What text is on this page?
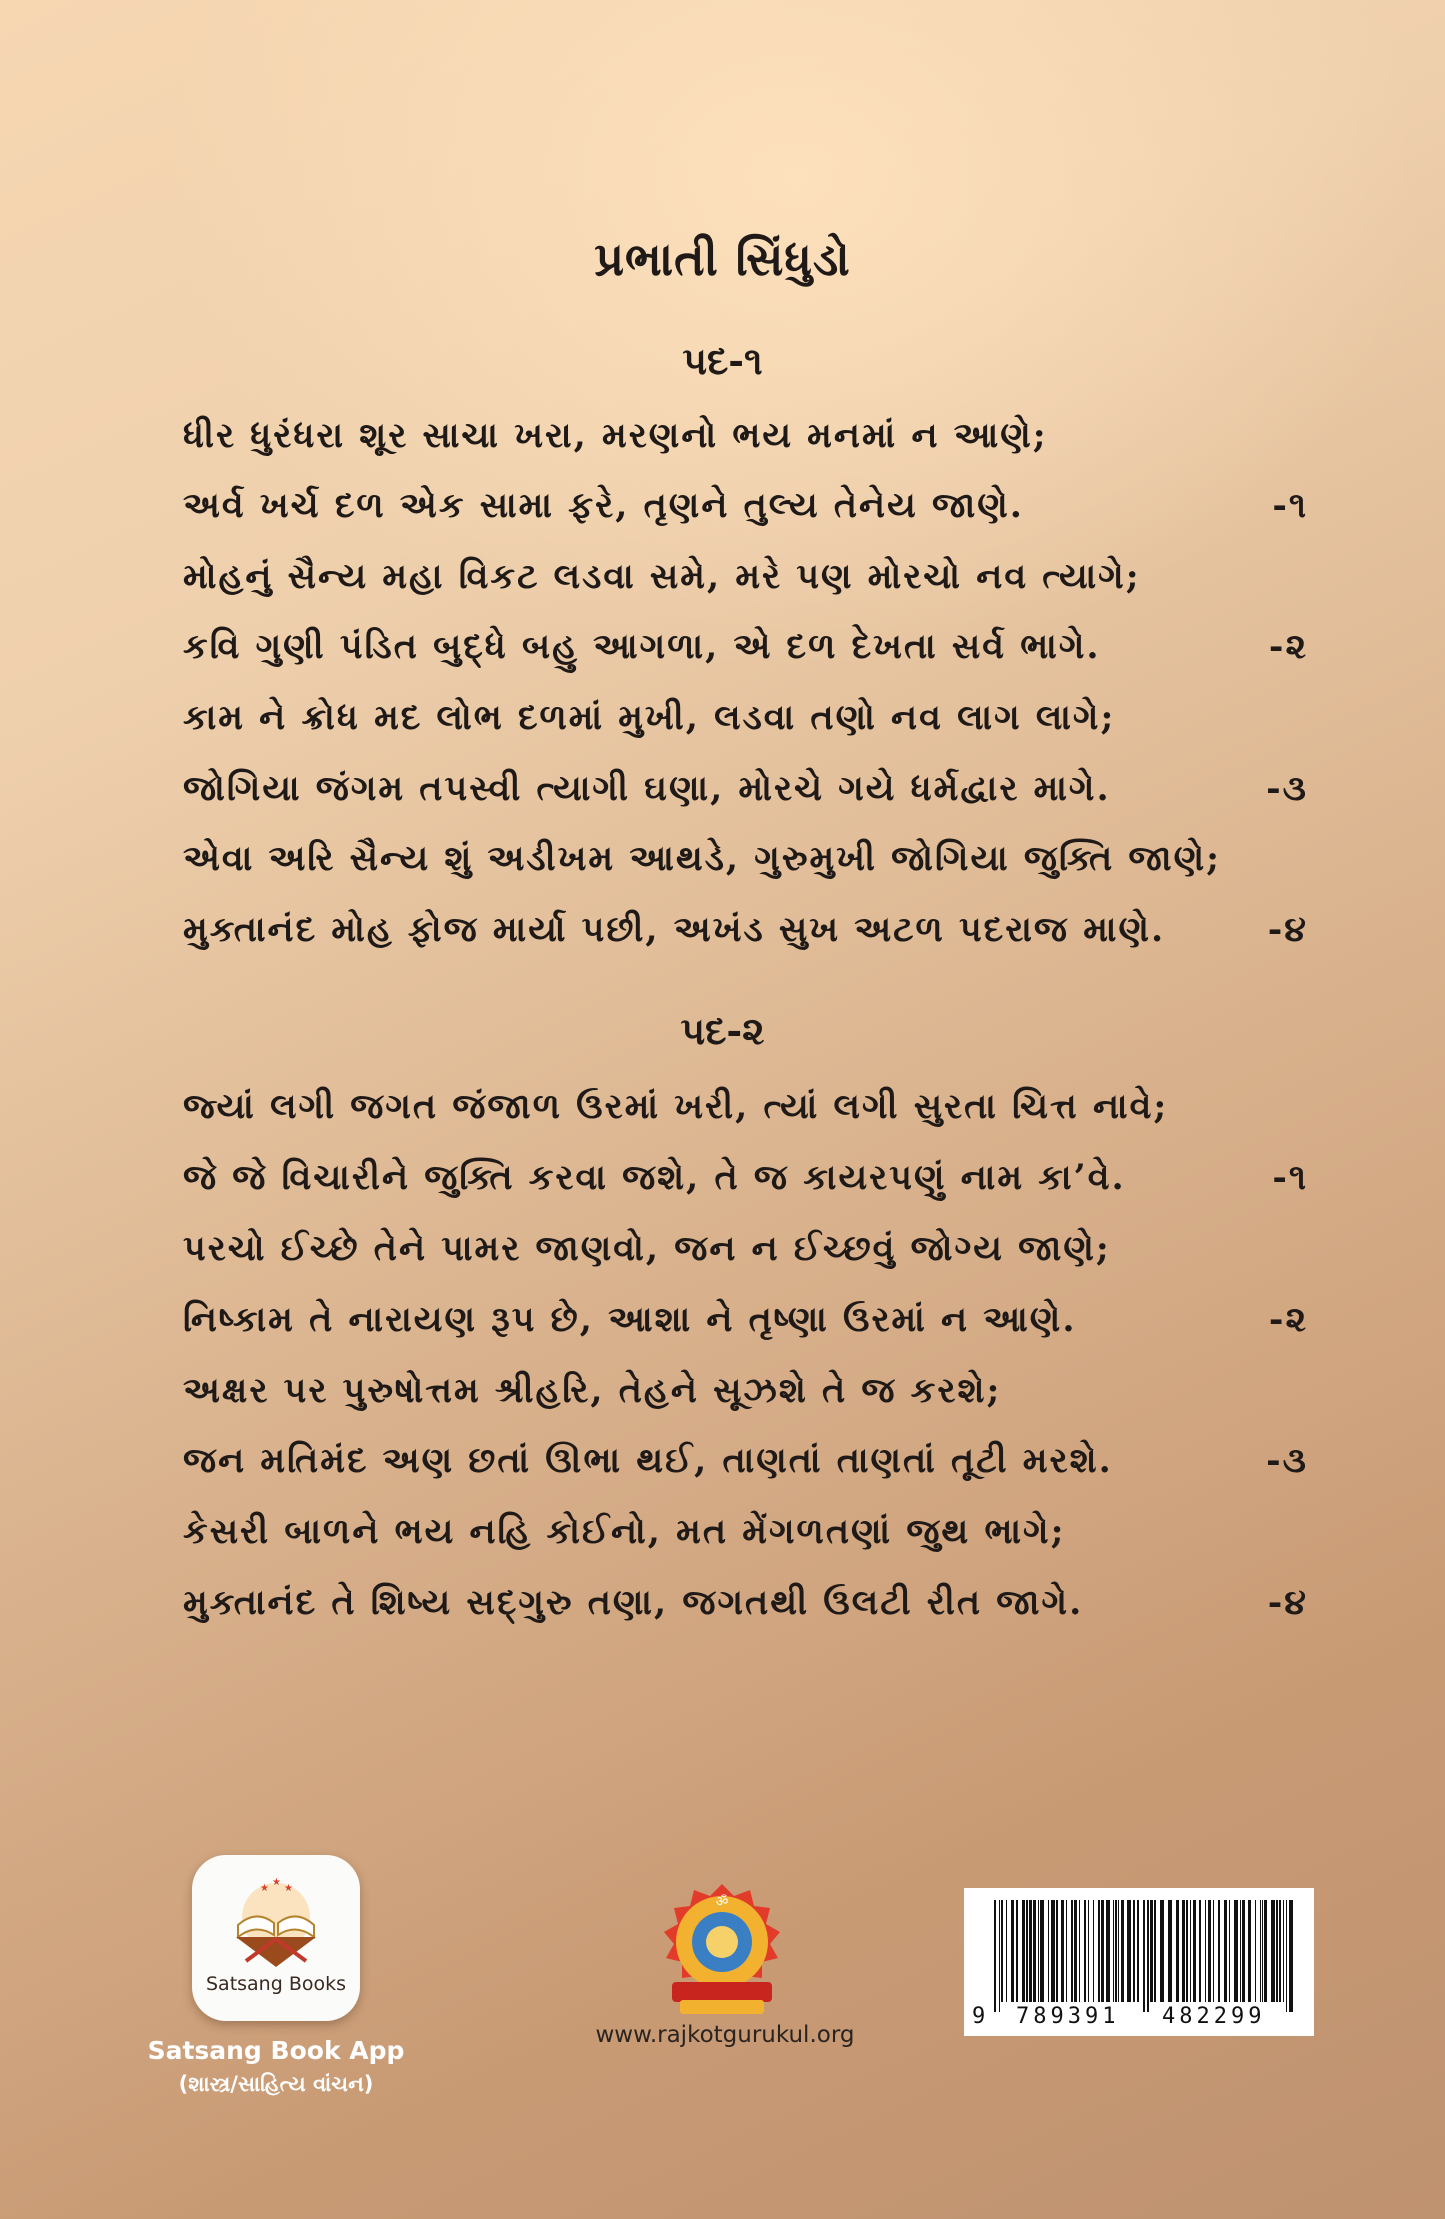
પ્રભાતી સિંધુડો
પદ-૧
ધીર ધુરંધરા શૂર સાચા ખરા, મરણનો ભય મનમાં ન આણે;
અર્વ ખર્ચ દળ એક સામા ફરે, તૃણને તુલ્ય તેનેય જાણે.	-૧
મોહનું સૈન્ય મહા વિકટ લડવા સમે, મરે પણ મોરચો નવ ત્યાગે;
કવિ ગુણી પંડિત બુદ્ધે બહુ આગળા, એ દળ દેખતા સર્વ ભાગે.	-૨
કામ ને ક્રોધ મદ લોભ દળમાં મુખી, લડવા તણો નવ લાગ લાગે;
જોગિયા જંગમ તપસ્વી ત્યાગી ઘણા, મોરચે ગયે ધર્મદ્વાર માગે.	-૩
એવા અરિ સૈન્ય શું અડીખમ આથડે, ગુરુમુખી જોગિયા જુક્તિ જાણે;
મુક્તાનંદ મોહ ફોજ માર્યા પછી, અખંડ સુખ અટળ પદરાજ માણે.	-૪
પદ-૨
જ્યાં લગી જગત જંજાળ ઉરમાં ખરી, ત્યાં લગી સુરતા ચિત્ત નાવે;
જે જે વિચારીને જુક્તિ કરવા જશે, તે જ કાયરપણું નામ કા’વે.	-૧
પરચો ઈચ્છે તેને પામર જાણવો, જન ન ઈચ્છવું જોગ્ય જાણે;
નિષ્કામ તે નારાયણ રૂપ છે, આશા ને તૃષ્ણા ઉરમાં ન આણે.	-૨
અક્ષર પર પુરુષોત્તમ શ્રીહરિ, તેહને સૂઝશે તે જ કરશે;
જન મતિમંદ અણ છતાં ઊભા થઈ, તાણતાં તાણતાં તૂટી મરશે.	-૩
કેસરી બાળને ભય નહિ કોઈનો, મત મેંગળતણાં જુથ ભાગે;
મુક્તાનંદ તે શિષ્ય સદ્‌ગુરુ તણા, જગતથી ઉલટી રીત જાગે.	-૪
★
★
★
Satsang Books
Satsang Book App
(શાસ્ત્ર/સાહિત્ય વાંચન)
ॐ
www.rajkotgurukul.org
9 789391 482299
